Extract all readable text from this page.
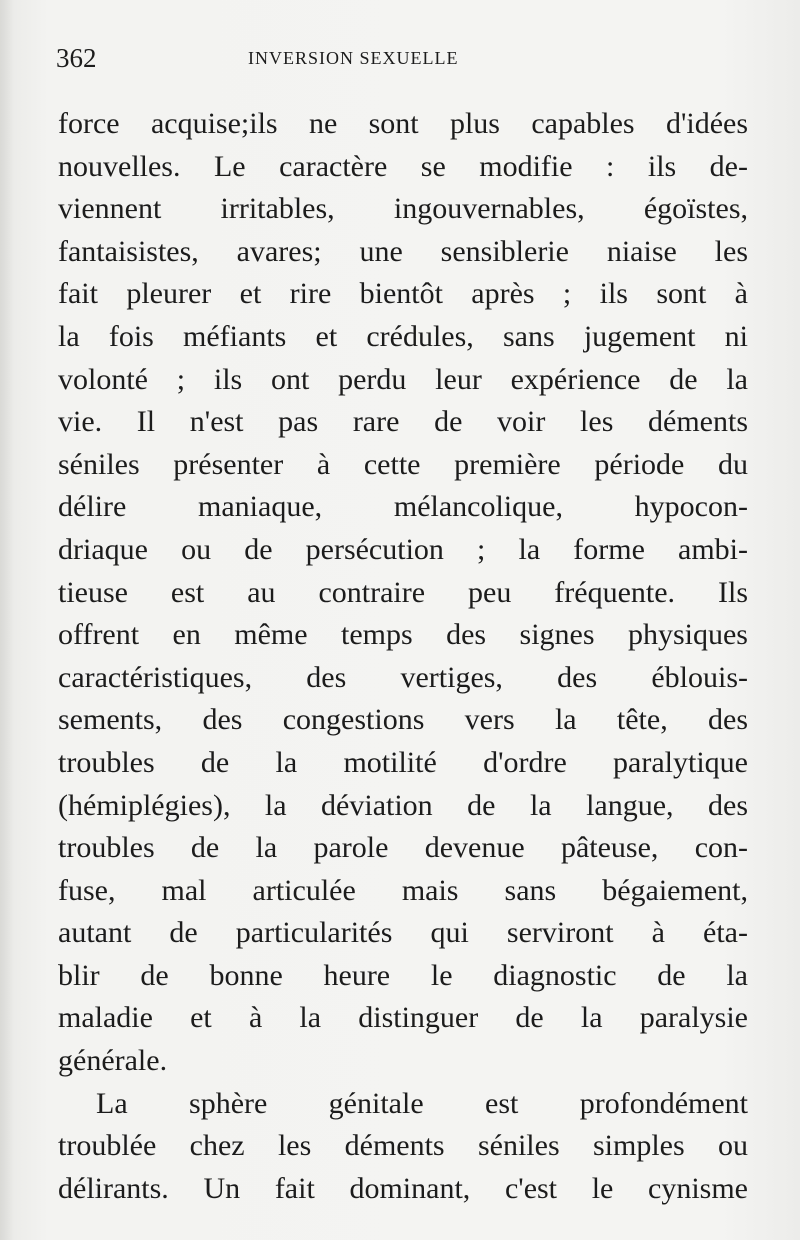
362	INVERSION SEXUELLE
force acquise;ils ne sont plus capables d'idées
nouvelles. Le caractère se modifie : ils de-
viennent irritables, ingouvernables, égoïstes,
fantaisistes, avares; une sensiblerie niaise les
fait pleurer et rire bientôt après ; ils sont à
la fois méfiants et crédules, sans jugement ni
volonté ; ils ont perdu leur expérience de la
vie. Il n'est pas rare de voir les déments
séniles présenter à cette première période du
délire maniaque, mélancolique, hypocon-
driaque ou de persécution ; la forme ambi-
tieuse est au contraire peu fréquente. Ils
offrent en même temps des signes physiques
caractéristiques, des vertiges, des éblouis-
sements, des congestions vers la tête, des
troubles de la motilité d'ordre paralytique
(hémiplégies), la déviation de la langue, des
troubles de la parole devenue pâteuse, con-
fuse, mal articulée mais sans bégaiement,
autant de particularités qui serviront à éta-
blir de bonne heure le diagnostic de la
maladie et à la distinguer de la paralysie
générale.
La sphère génitale est profondément
troublée chez les déments séniles simples ou
délirants. Un fait dominant, c'est le cynisme
